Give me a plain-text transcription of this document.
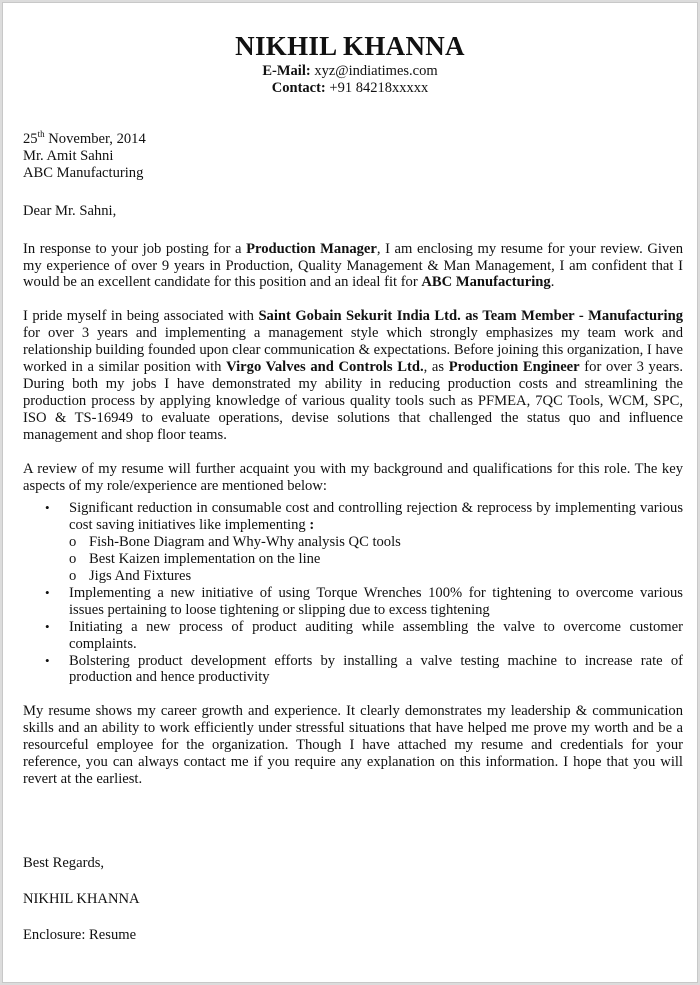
NIKHIL KHANNA
E-Mail: xyz@indiatimes.com
Contact: +91 84218xxxxx
25th November, 2014
Mr. Amit Sahni
ABC Manufacturing
Dear Mr. Sahni,

In response to your job posting for a Production Manager, I am enclosing my resume for your review. Given my experience of over 9 years in Production, Quality Management & Man Management, I am confident that I would be an excellent candidate for this position and an ideal fit for ABC Manufacturing.

I pride myself in being associated with Saint Gobain Sekurit India Ltd. as Team Member - Manufacturing for over 3 years and implementing a management style which strongly emphasizes my team work and relationship building founded upon clear communication & expectations. Before joining this organization, I have worked in a similar position with Virgo Valves and Controls Ltd., as Production Engineer for over 3 years. During both my jobs I have demonstrated my ability in reducing production costs and streamlining the production process by applying knowledge of various quality tools such as PFMEA, 7QC Tools, WCM, SPC, ISO & TS-16949 to evaluate operations, devise solutions that challenged the status quo and influence management and shop floor teams.

A review of my resume will further acquaint you with my background and qualifications for this role. The key aspects of my role/experience are mentioned below:

• Significant reduction in consumable cost and controlling rejection & reprocess by implementing various cost saving initiatives like implementing :
o Fish-Bone Diagram and Why-Why analysis QC tools
o Best Kaizen implementation on the line
o Jigs And Fixtures
• Implementing a new initiative of using Torque Wrenches 100% for tightening to overcome various issues pertaining to loose tightening or slipping due to excess tightening
• Initiating a new process of product auditing while assembling the valve to overcome customer complaints.
• Bolstering product development efforts by installing a valve testing machine to increase rate of production and hence productivity

My resume shows my career growth and experience. It clearly demonstrates my leadership & communication skills and an ability to work efficiently under stressful situations that have helped me prove my worth and be a resourceful employee for the organization. Though I have attached my resume and credentials for your reference, you can always contact me if you require any explanation on this information. I hope that you will revert at the earliest.

Best Regards,
NIKHIL KHANNA
Enclosure: Resume
